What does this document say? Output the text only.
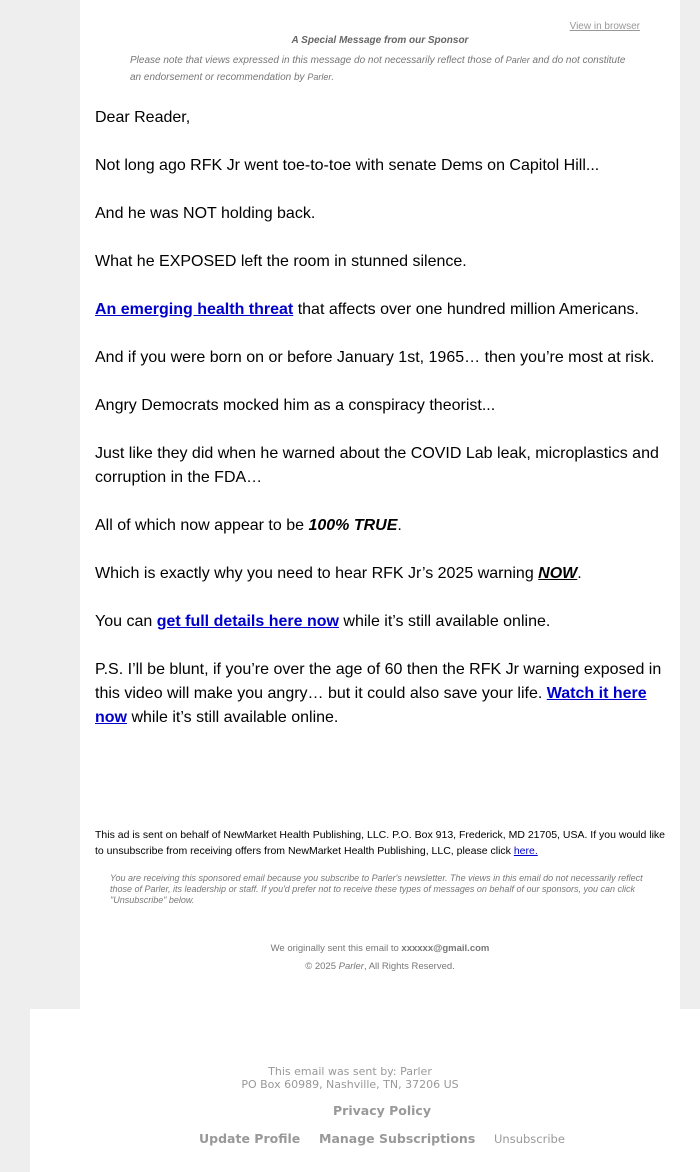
View in browser
A Special Message from our Sponsor
Please note that views expressed in this message do not necessarily reflect those of Parler and do not constitute an endorsement or recommendation by Parler.

Dear Reader,

Not long ago RFK Jr went toe-to-toe with senate Dems on Capitol Hill...

And he was NOT holding back.

What he EXPOSED left the room in stunned silence.

An emerging health threat that affects over one hundred million Americans.

And if you were born on or before January 1st, 1965… then you’re most at risk.

Angry Democrats mocked him as a conspiracy theorist...

Just like they did when he warned about the COVID Lab leak, microplastics and corruption in the FDA…

All of which now appear to be 100% TRUE.

Which is exactly why you need to hear RFK Jr’s 2025 warning NOW.

You can get full details here now while it’s still available online.

P.S. I’ll be blunt, if you’re over the age of 60 then the RFK Jr warning exposed in this video will make you angry… but it could also save your life. Watch it here now while it’s still available online.

This ad is sent on behalf of NewMarket Health Publishing, LLC. P.O. Box 913, Frederick, MD 21705, USA. If you would like to unsubscribe from receiving offers from NewMarket Health Publishing, LLC, please click here.
You are receiving this sponsored email because you subscribe to Parler's newsletter. The views in this email do not necessarily reflect those of Parler, its leadership or staff. If you'd prefer not to receive these types of messages on behalf of our sponsors, you can click "Unsubscribe" below.
We originally sent this email to xxxxxx@gmail.com
© 2025 Parler, All Rights Reserved.
This email was sent by: Parler
PO Box 60989, Nashville, TN, 37206 US
Privacy Policy
Update Profile Manage Subscriptions Unsubscribe
